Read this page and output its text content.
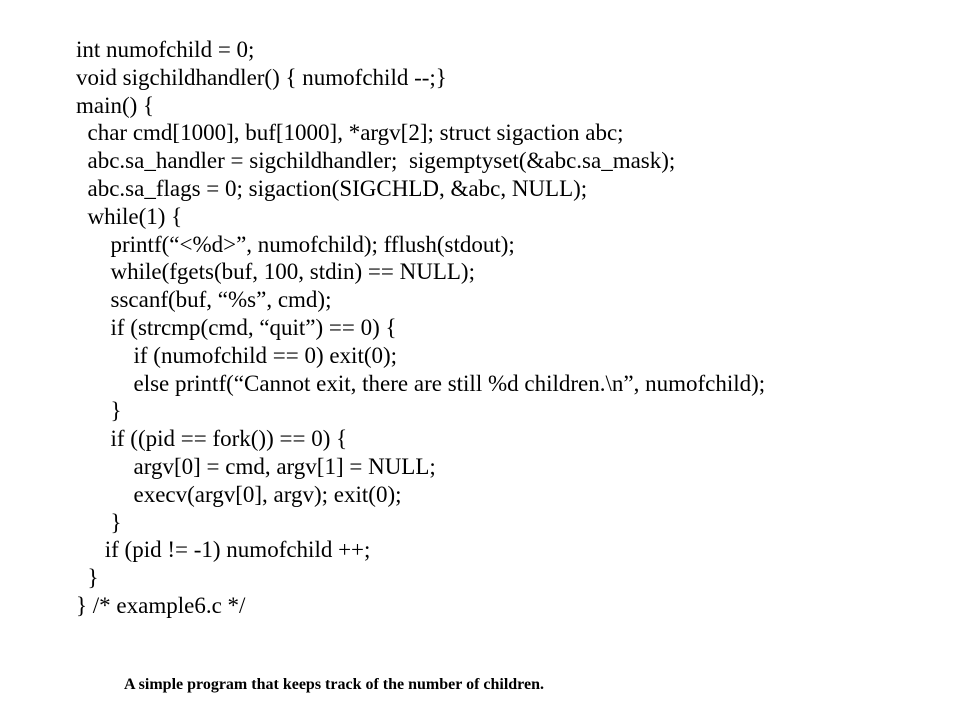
int numofchild = 0;
void sigchildhandler() { numofchild --;}
main() {
char cmd[1000], buf[1000], *argv[2]; struct sigaction abc;
abc.sa_handler = sigchildhandler;  sigemptyset(&abc.sa_mask);
abc.sa_flags = 0; sigaction(SIGCHLD, &abc, NULL);
while(1) {
printf(“<%d>”, numofchild); fflush(stdout);
while(fgets(buf, 100, stdin) == NULL);
sscanf(buf, “%s”, cmd);
if (strcmp(cmd, “quit”) == 0) {
if (numofchild == 0) exit(0);
else printf(“Cannot exit, there are still %d children.\n”, numofchild);
}
if ((pid == fork()) == 0) {
argv[0] = cmd, argv[1] = NULL;
execv(argv[0], argv); exit(0);
}
if (pid != -1) numofchild ++;
}
} /* example6.c */
A simple program that keeps track of the number of children.
